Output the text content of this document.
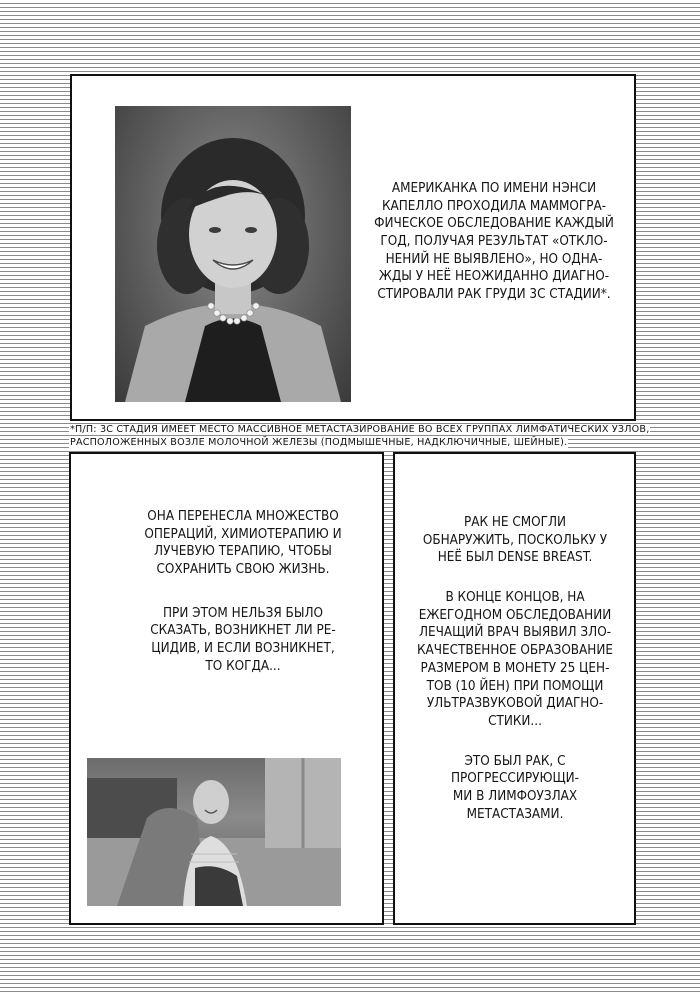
АМЕРИКАНКА ПО ИМЕНИ НЭНСИ
КАПЕЛЛО ПРОХОДИЛА МАММОГРА-
ФИЧЕСКОЕ ОБСЛЕДОВАНИЕ КАЖДЫЙ
ГОД, ПОЛУЧАЯ РЕЗУЛЬТАТ «ОТКЛО-
НЕНИЙ НЕ ВЫЯВЛЕНО», НО ОДНА-
ЖДЫ У НЕЁ НЕОЖИДАННО ДИАГНО-
СТИРОВАЛИ РАК ГРУДИ 3С СТАДИИ*.

*П/П: 3С СТАДИЯ ИМЕЕТ МЕСТО МАССИВНОЕ МЕТАСТАЗИРОВАНИЕ ВО ВСЕХ ГРУППАХ ЛИМФАТИЧЕСКИХ УЗЛОВ,
РАСПОЛОЖЕННЫХ ВОЗЛЕ МОЛОЧНОЙ ЖЕЛЕЗЫ (ПОДМЫШЕЧНЫЕ, НАДКЛЮЧИЧНЫЕ, ШЕЙНЫЕ).

ОНА ПЕРЕНЕСЛА МНОЖЕСТВО
ОПЕРАЦИЙ, ХИМИОТЕРАПИЮ И
ЛУЧЕВУЮ ТЕРАПИЮ, ЧТОБЫ
СОХРАНИТЬ СВОЮ ЖИЗНЬ.

ПРИ ЭТОМ НЕЛЬЗЯ БЫЛО
СКАЗАТЬ, ВОЗНИКНЕТ ЛИ РЕ-
ЦИДИВ, И ЕСЛИ ВОЗНИКНЕТ,
ТО КОГДА...

РАК НЕ СМОГЛИ
ОБНАРУЖИТЬ, ПОСКОЛЬКУ У
НЕЁ БЫЛ DENSE BREAST.

В КОНЦЕ КОНЦОВ, НА
ЕЖЕГОДНОМ ОБСЛЕДОВАНИИ
ЛЕЧАЩИЙ ВРАЧ ВЫЯВИЛ ЗЛО-
КАЧЕСТВЕННОЕ ОБРАЗОВАНИЕ
РАЗМЕРОМ В МОНЕТУ 25 ЦЕН-
ТОВ (10 ЙЕН) ПРИ ПОМОЩИ
УЛЬТРАЗВУКОВОЙ ДИАГНО-
СТИКИ...

ЭТО БЫЛ РАК, С
ПРОГРЕССИРУЮЩИ-
МИ В ЛИМФОУЗЛАХ
МЕТАСТАЗАМИ.
